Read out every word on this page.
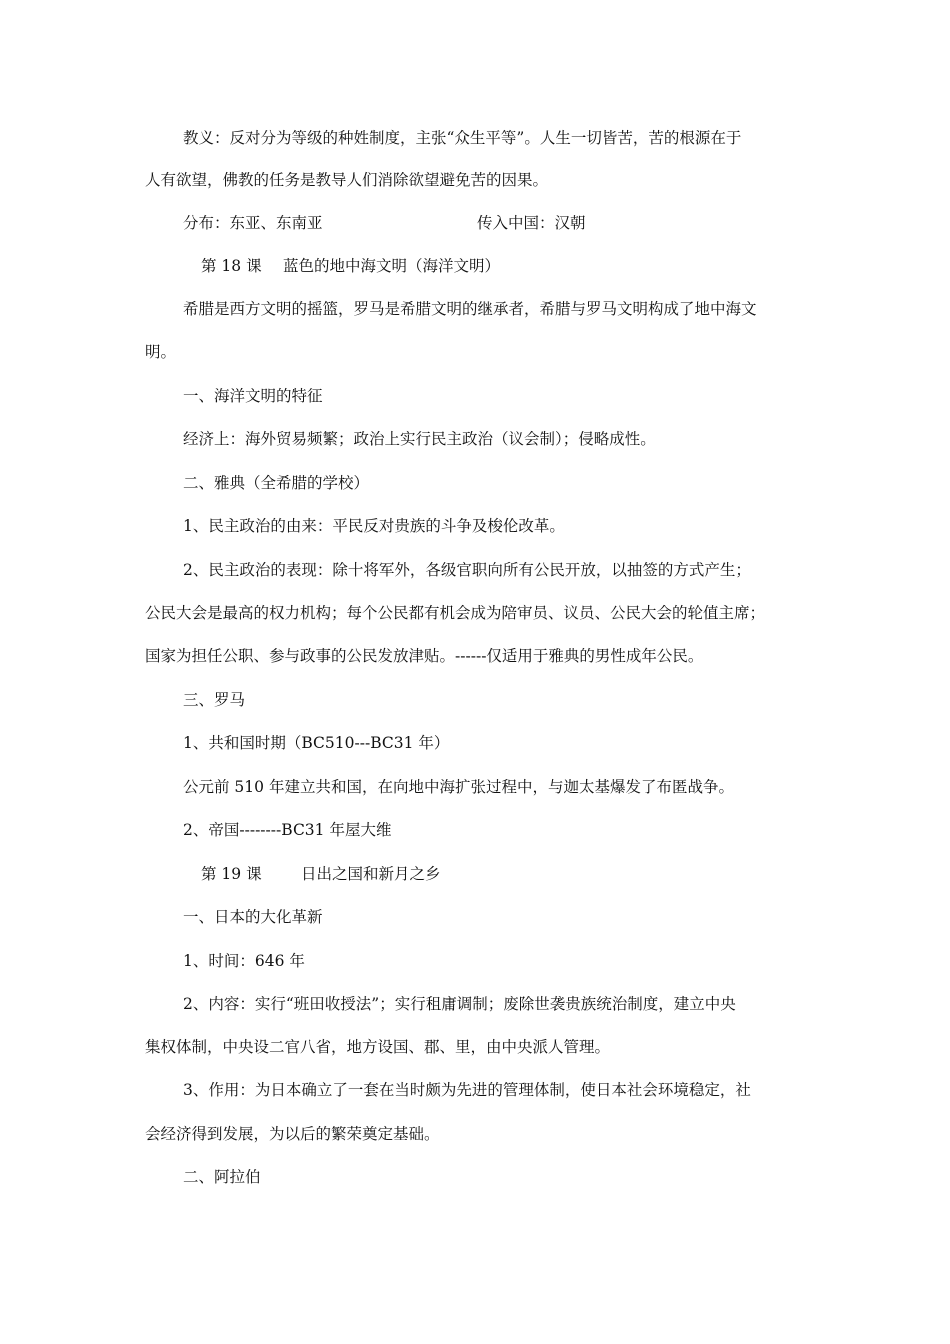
教义：反对分为等级的种姓制度，主张“众生平等”。人生一切皆苦，苦的根源在于
人有欲望，佛教的任务是教导人们消除欲望避免苦的因果。
分布：东亚、东南亚	传入中国：汉朝
第 18 课 蓝色的地中海文明（海洋文明）
希腊是西方文明的摇篮，罗马是希腊文明的继承者，希腊与罗马文明构成了地中海文
明。
一、海洋文明的特征
经济上：海外贸易频繁；政治上实行民主政治（议会制）；侵略成性。
二、雅典（全希腊的学校）
1、民主政治的由来：平民反对贵族的斗争及梭伦改革。
2、民主政治的表现：除十将军外，各级官职向所有公民开放，以抽签的方式产生；
公民大会是最高的权力机构；每个公民都有机会成为陪审员、议员、公民大会的轮值主席；
国家为担任公职、参与政事的公民发放津贴。------仅适用于雅典的男性成年公民。
三、罗马
1、共和国时期（BC510---BC31 年）
公元前 510 年建立共和国，在向地中海扩张过程中，与迦太基爆发了布匿战争。
2、帝国--------BC31 年屋大维
第 19 课	日出之国和新月之乡
一、日本的大化革新
1、时间：646 年
2、内容：实行“班田收授法”；实行租庸调制；废除世袭贵族统治制度，建立中央
集权体制，中央设二官八省，地方设国、郡、里，由中央派人管理。
3、作用：为日本确立了一套在当时颇为先进的管理体制，使日本社会环境稳定，社
会经济得到发展，为以后的繁荣奠定基础。
二、阿拉伯
